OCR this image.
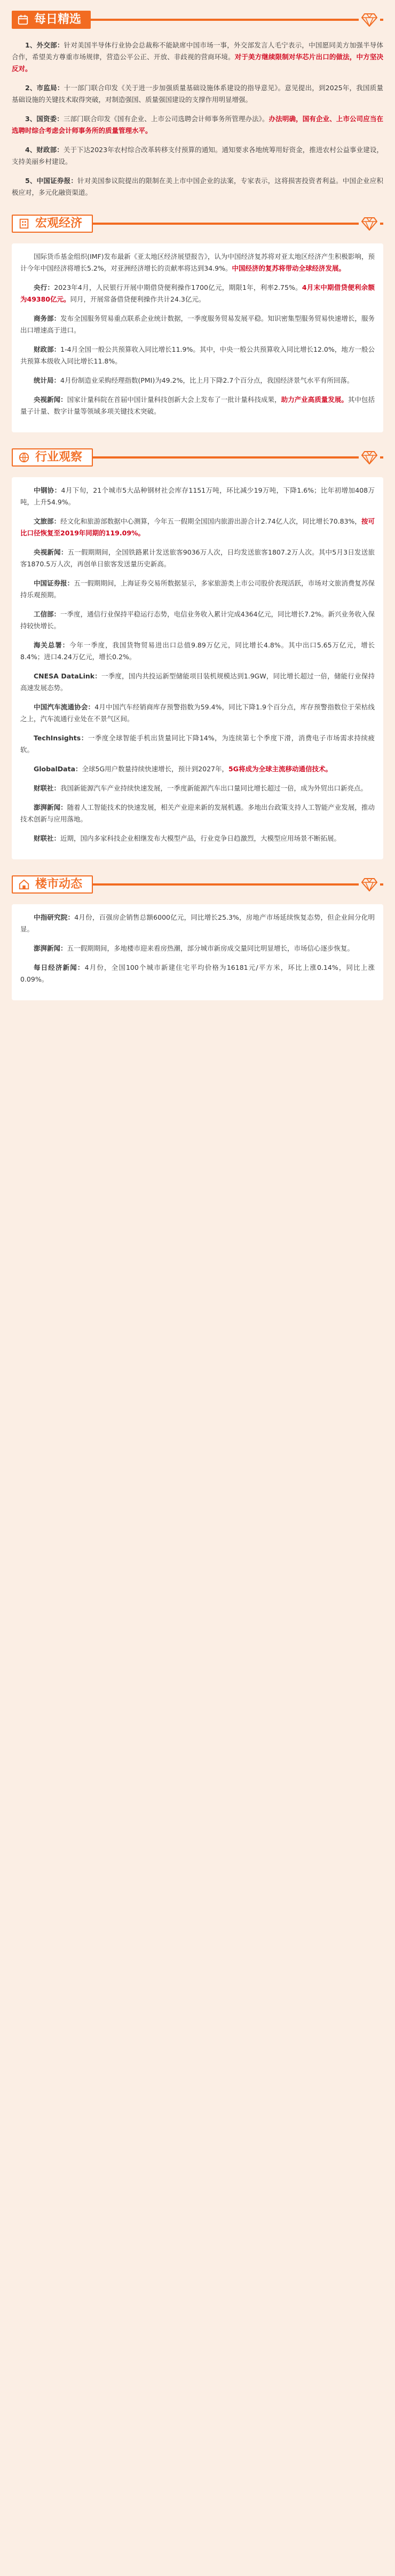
每日精选

1、外交部：针对美国半导体行业协会总裁称不能缺席中国市场一事，外交部发言人毛宁表示，中国愿同美方加强半导体合作，希望美方尊重市场规律，营造公平公正、开放、非歧视的营商环境。对于美方继续限制对华芯片出口的做法，中方坚决反对。

2、市监局：十一部门联合印发《关于进一步加强质量基础设施体系建设的指导意见》。意见提出，到2025年，我国质量基础设施的关键技术取得突破，对制造强国、质量强国建设的支撑作用明显增强。

3、国资委：三部门联合印发《国有企业、上市公司选聘会计师事务所管理办法》。办法明确，国有企业、上市公司应当在选聘时综合考虑会计师事务所的质量管理水平。

4、财政部：关于下达2023年农村综合改革转移支付预算的通知。通知要求各地统筹用好资金，推进农村公益事业建设，支持美丽乡村建设。

5、中国证券报：针对美国参议院提出的限制在美上市中国企业的法案，专家表示，这将损害投资者利益。中国企业应积极应对，多元化融资渠道。

宏观经济

国际货币基金组织(IMF)发布最新《亚太地区经济展望报告》，认为中国经济复苏将对亚太地区经济产生积极影响，预计今年中国经济将增长5.2%，对亚洲经济增长的贡献率将达到34.9%。中国经济的复苏将带动全球经济发展。

央行：2023年4月，人民银行开展中期借贷便利操作1700亿元，期限1年，利率2.75%。4月末中期借贷便利余额为49380亿元。同月，开展常备借贷便利操作共计24.3亿元。

商务部：发布全国服务贸易重点联系企业统计数据，一季度服务贸易发展平稳。知识密集型服务贸易快速增长，服务出口增速高于进口。

财政部：1-4月全国一般公共预算收入同比增长11.9%。其中，中央一般公共预算收入同比增长12.0%，地方一般公共预算本级收入同比增长11.8%。

统计局：4月份制造业采购经理指数(PMI)为49.2%，比上月下降2.7个百分点，我国经济景气水平有所回落。

央视新闻：国家计量科院在首届中国计量科技创新大会上发布了一批计量科技成果，助力产业高质量发展。其中包括量子计量、数字计量等领域多项关键技术突破。

行业观察

中钢协：4月下旬，21个城市5大品种钢材社会库存1151万吨，环比减少19万吨，下降1.6%；比年初增加408万吨，上升54.9%。

文旅部：经文化和旅游部数据中心测算，今年五一假期全国国内旅游出游合计2.74亿人次，同比增长70.83%，按可比口径恢复至2019年同期的119.09%。

央视新闻：五一假期期间，全国铁路累计发送旅客9036万人次，日均发送旅客1807.2万人次。其中5月3日发送旅客1870.5万人次，再创单日旅客发送量历史新高。

中国证券报：五一假期期间，上海证券交易所数据显示，多家旅游类上市公司股价表现活跃，市场对文旅消费复苏保持乐观预期。

工信部：一季度，通信行业保持平稳运行态势，电信业务收入累计完成4364亿元，同比增长7.2%。新兴业务收入保持较快增长。

海关总署：今年一季度，我国货物贸易进出口总值9.89万亿元，同比增长4.8%。其中出口5.65万亿元，增长8.4%；进口4.24万亿元，增长0.2%。

CNESA DataLink：一季度，国内共投运新型储能项目装机规模达到1.9GW，同比增长超过一倍，储能行业保持高速发展态势。

中国汽车流通协会：4月中国汽车经销商库存预警指数为59.4%，同比下降1.9个百分点，库存预警指数位于荣枯线之上，汽车流通行业处在不景气区间。

TechInsights：一季度全球智能手机出货量同比下降14%，为连续第七个季度下滑，消费电子市场需求持续疲软。

GlobalData：全球5G用户数量持续快速增长，预计到2027年，5G将成为全球主流移动通信技术。

财联社：我国新能源汽车产业持续快速发展，一季度新能源汽车出口量同比增长超过一倍，成为外贸出口新亮点。

澎湃新闻：随着人工智能技术的快速发展，相关产业迎来新的发展机遇。多地出台政策支持人工智能产业发展，推动技术创新与应用落地。

财联社：近期，国内多家科技企业相继发布大模型产品，行业竞争日趋激烈，大模型应用场景不断拓展。

楼市动态

中指研究院：4月份，百强房企销售总额6000亿元，同比增长25.3%，房地产市场延续恢复态势，但企业间分化明显。

澎湃新闻：五一假期期间，多地楼市迎来看房热潮，部分城市新房成交量同比明显增长，市场信心逐步恢复。

每日经济新闻：4月份，全国100个城市新建住宅平均价格为16181元/平方米，环比上涨0.14%，同比上涨0.09%。
